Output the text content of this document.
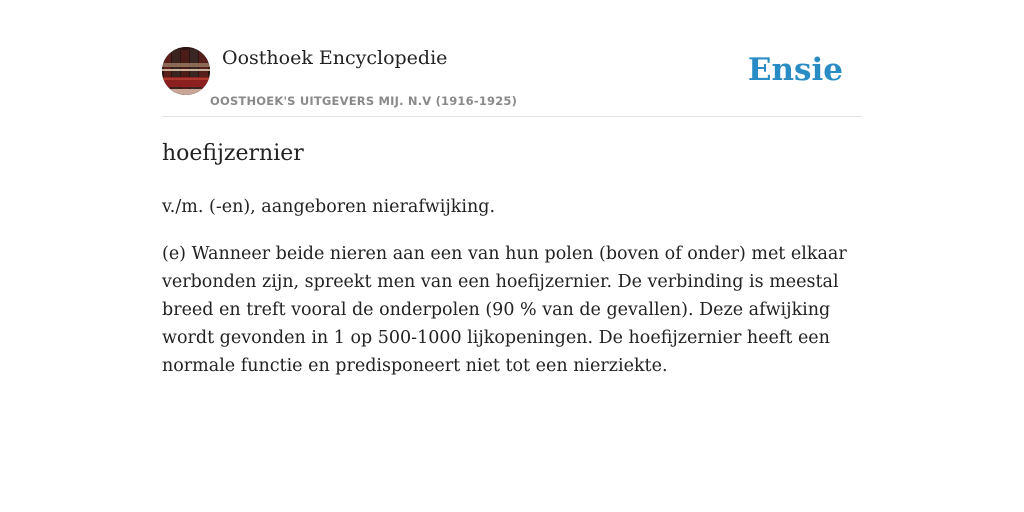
Oosthoek Encyclopedie
OOSTHOEK'S UITGEVERS MIJ. N.V (1916-1925)
Ensie
hoefijzernier

v./m. (-en), aangeboren nierafwijking.

(e) Wanneer beide nieren aan een van hun polen (boven of onder) met elkaar verbonden zijn, spreekt men van een hoefijzernier. De verbinding is meestal breed en treft vooral de onderpolen (90 % van de gevallen). Deze afwijking wordt gevonden in 1 op 500-1000 lijkopeningen. De hoefijzernier heeft een normale functie en predisponeert niet tot een nierziekte.
